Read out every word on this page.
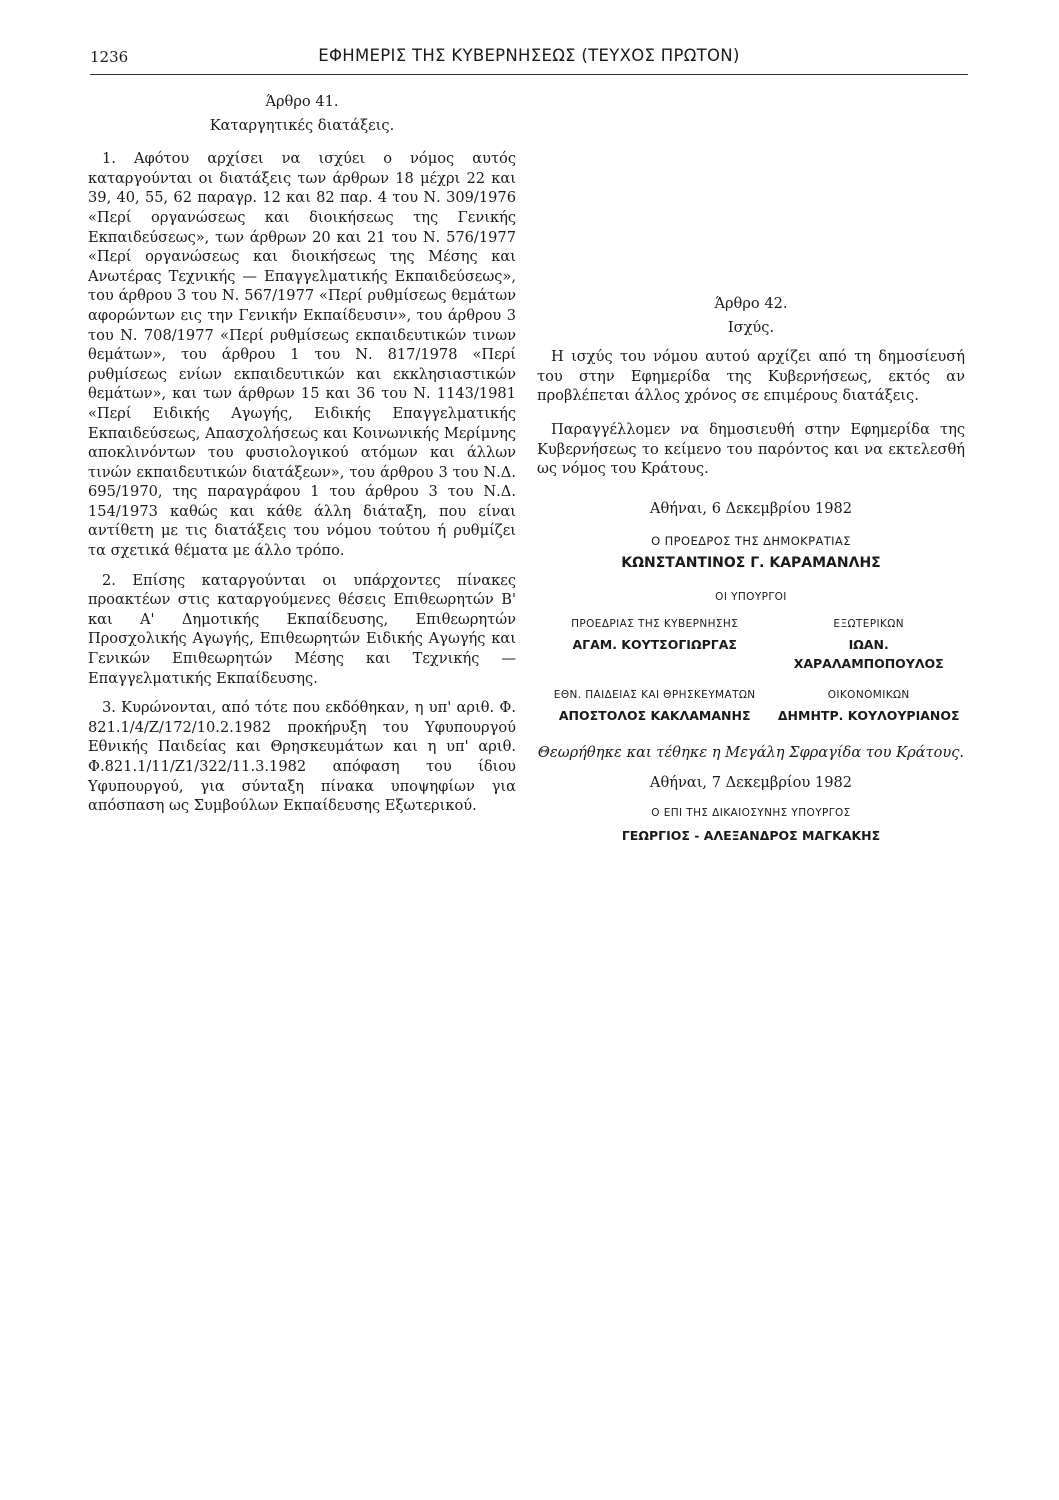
1236	ΕΦΗΜΕΡΙΣ ΤΗΣ ΚΥΒΕΡΝΗΣΕΩΣ (ΤΕΥΧΟΣ ΠΡΩΤΟΝ)
Άρθρο 41.
Καταργητικές διατάξεις.

1. Αφότου αρχίσει να ισχύει ο νόμος αυτός καταργούνται οι διατάξεις των άρθρων 18 μέχρι 22 και 39, 40, 55, 62 παραγρ. 12 και 82 παρ. 4 του Ν. 309/1976 «Περί οργανώσεως και διοικήσεως της Γενικής Εκπαιδεύσεως», των άρθρων 20 και 21 του Ν. 576/1977 «Περί οργανώσεως και διοικήσεως της Μέσης και Ανωτέρας Τεχνικής — Επαγγελματικής Εκπαιδεύσεως», του άρθρου 3 του Ν. 567/1977 «Περί ρυθμίσεως θεμάτων αφορώντων εις την Γενικήν Εκπαίδευσιν», του άρθρου 3 του Ν. 708/1977 «Περί ρυθμίσεως εκπαιδευτικών τινων θεμάτων», του άρθρου 1 του Ν. 817/1978 «Περί ρυθμίσεως ενίων εκπαιδευτικών και εκκλησιαστικών θεμάτων», και των άρθρων 15 και 36 του Ν. 1143/1981 «Περί Ειδικής Αγωγής, Ειδικής Επαγγελματικής Εκπαιδεύσεως, Απασχολήσεως και Κοινωνικής Μερίμνης αποκλινόντων του φυσιολογικού ατόμων και άλλων τινών εκπαιδευτικών διατάξεων», του άρθρου 3 του Ν.Δ. 695/1970, της παραγράφου 1 του άρθρου 3 του Ν.Δ. 154/1973 καθώς και κάθε άλλη διάταξη, που είναι αντίθετη με τις διατάξεις του νόμου τούτου ή ρυθμίζει τα σχετικά θέματα με άλλο τρόπο.

2. Επίσης καταργούνται οι υπάρχοντες πίνακες προακτέων στις καταργούμενες θέσεις Επιθεωρητών Β' και Α' Δημοτικής Εκπαίδευσης, Επιθεωρητών Προσχολικής Αγωγής, Επιθεωρητών Ειδικής Αγωγής και Γενικών Επιθεωρητών Μέσης και Τεχνικής — Επαγγελματικής Εκπαίδευσης.

3. Κυρώνονται, από τότε που εκδόθηκαν, η υπ' αριθ. Φ. 821.1/4/Ζ/172/10.2.1982 προκήρυξη του Υφυπουργού Εθνικής Παιδείας και Θρησκευμάτων και η υπ' αριθ. Φ.821.1/11/Ζ1/322/11.3.1982 απόφαση του ίδιου Υφυπουργού, για σύνταξη πίνακα υποψηφίων για απόσπαση ως Συμβούλων Εκπαίδευσης Εξωτερικού.

Άρθρο 42.
Ισχύς.

Η ισχύς του νόμου αυτού αρχίζει από τη δημοσίευσή του στην Εφημερίδα της Κυβερνήσεως, εκτός αν προβλέπεται άλλος χρόνος σε επιμέρους διατάξεις.

Παραγγέλλομεν να δημοσιευθή στην Εφημερίδα της Κυβερνήσεως το κείμενο του παρόντος και να εκτελεσθή ως νόμος του Κράτους.

Αθήναι, 6 Δεκεμβρίου 1982
Ο ΠΡΟΕΔΡΟΣ ΤΗΣ ΔΗΜΟΚΡΑΤΙΑΣ
ΚΩΝΣΤΑΝΤΙΝΟΣ Γ. ΚΑΡΑΜΑΝΛΗΣ
ΟΙ ΥΠΟΥΡΓΟΙ
ΠΡΟΕΔΡΙΑΣ ΤΗΣ ΚΥΒΕΡΝΗΣΗΣ
ΑΓΑΜ. ΚΟΥΤΣΟΓΙΩΡΓΑΣ
ΕΞΩΤΕΡΙΚΩΝ
ΙΩΑΝ. ΧΑΡΑΛΑΜΠΟΠΟΥΛΟΣ
ΕΘΝ. ΠΑΙΔΕΙΑΣ ΚΑΙ ΘΡΗΣΚΕΥΜΑΤΩΝ
ΑΠΟΣΤΟΛΟΣ ΚΑΚΛΑΜΑΝΗΣ
ΟΙΚΟΝΟΜΙΚΩΝ
ΔΗΜΗΤΡ. ΚΟΥΛΟΥΡΙΑΝΟΣ
Θεωρήθηκε και τέθηκε η Μεγάλη Σφραγίδα του Κράτους.
Αθήναι, 7 Δεκεμβρίου 1982
Ο ΕΠΙ ΤΗΣ ΔΙΚΑΙΟΣΥΝΗΣ ΥΠΟΥΡΓΟΣ
ΓΕΩΡΓΙΟΣ - ΑΛΕΞΑΝΔΡΟΣ ΜΑΓΚΑΚΗΣ
